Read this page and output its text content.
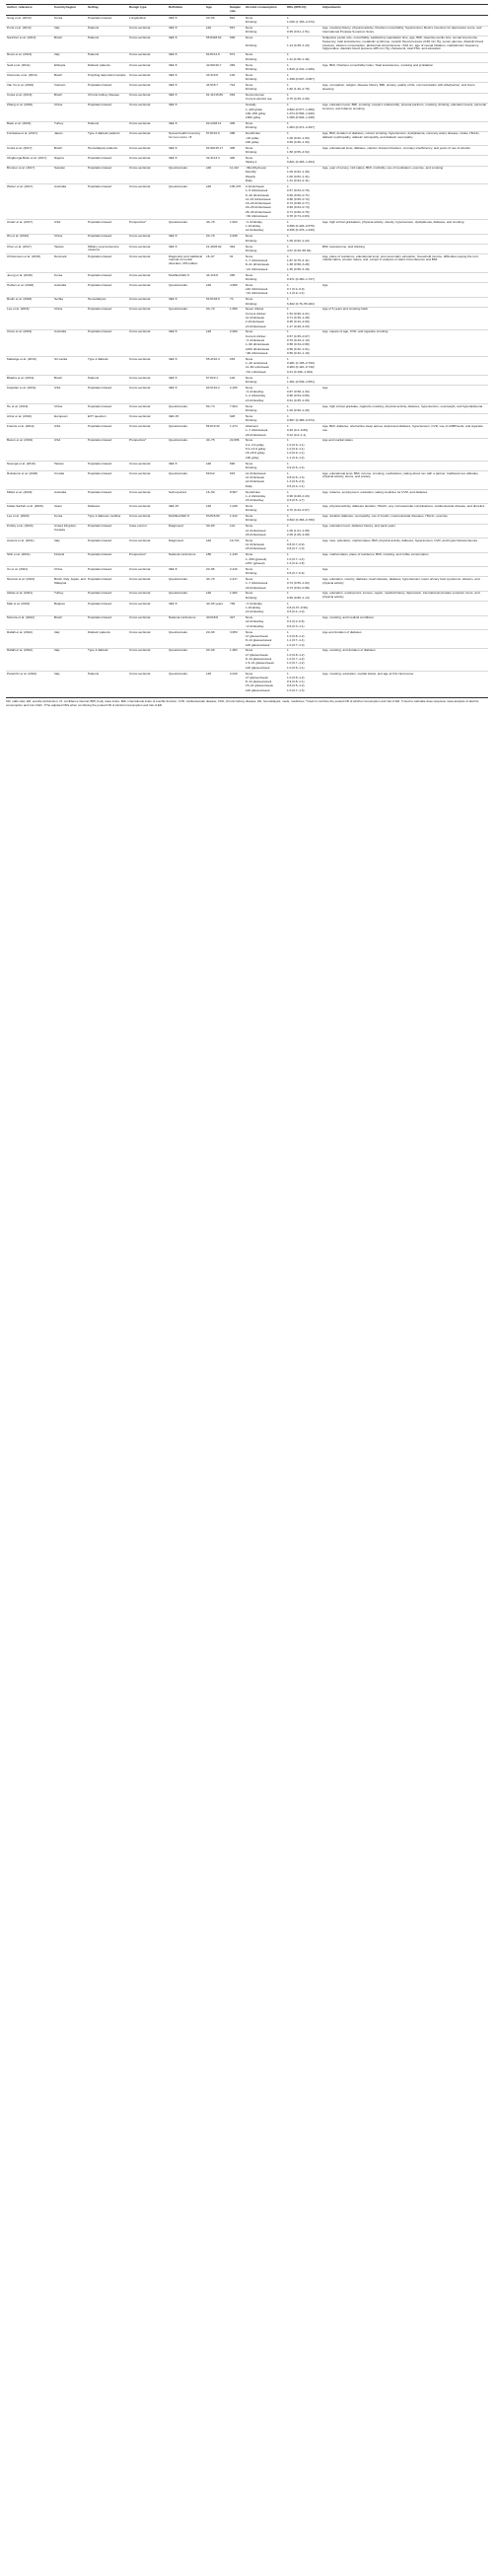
Author, reference	Country/region	Setting	Design type	Definition	Age	Sample size	Alcohol consumption	ORs (95% CI)	Adjustments
Song et al. (2013)	Korea	Population-based	Longitudinal	IIEF-5	20–69	891	None	1	
							Drinking	1.049 (1.153–2.372)	
Porst et al. (2013)	Italy	Patients	Cross-sectional	IIEF-5	≥40	567	None	1	Age, smoking history, physical activity, Charlson comorbidity, hypertension, Beck's inventory for depression score, and International Prostate Symptom Score
							Drinking	0.95 (0.61–1.51)	
Sanchez et al. (2013)	Brazil	Patients	Cross-sectional	IIEF-5	55.84±8.64	699	None	1	Subjective penile size, comorbidity, satisfactory ejaculation time, age, BMI, objective penile size, sexual intercourse frequency, total testosterone, metabolic syndrome, systolic blood pressure ≥130 mm Hg, serum glucose, diastolic blood pressure, tobacco consumption, abdominal circumference >102 cm, age of sexual initiation, marital/union frequency, triglycerides, diastolic blood pressure ≥85 mm Hg, cholesterol, total PSA, and education
							Drinking	1.14 (0.38–1.43)	
Rossi et al. (2013)	Italy	Patients	Cross-sectional	IIEF-5	54.8±12.9	572	None	1	
							Drinking	1.11 (0.38–1.49)	
Seid et al. (2014)	Ethiopia	Diabetic patients	Cross-sectional	IIEF-5	42.99±16.7	269	None	1	Age, BMI, Charlson comorbidity index, Total testosterone, smoking and prolidation
							Drinking	1.819 (1.241–1.930)	
Clemente et al. (2014)	Brazil	Polydrug dependent sample	Cross-sectional	IIEF-5	34.3±9.8	102	None	1	
							Drinking	1.198 (0.607–3.087)	
Van Vu et al. (2016)	Vietnam	Population-based	Cross-sectional	IIEF-5	44.5±8.7	744	None	1	Age, occupation, religion, disease history, BMI, anxiety, quality of life, communication with wife/partner, and hours sleeping
							Drinking	1.82 (1.20–2.76)	
Costa et al. (2016)	Brazil	Chronic kidney disease	Cross-sectional	IIEF-5	61.11±15.89	263	Nonconsumer	1	
							Current alcohol use	0.75 (0.35–1.60)	
Zhang et al. (2016)	China	Population-based	Cross-sectional	IIEF-5			Socially	1	Age, education level, BMI, smoking, couple's relationship, spousal partners, smoking, drinking, education levels, personal incomes, and tobacco smoking
							1–100 g/day	0.862 (0.577–1.289)	
							100–200 g/day	1.074 (0.594–1.940)	
							≥300 g/day	1.095 (0.904–1.198)	
Baek et al. (2016)	Turkey	Patients	Cross-sectional	IIEF-5	62.24±8.11	335	None	1	
							Drinking	1.084 (0.471–2.497)	
Furukawa et al. (2017)	Japan	Type 2 diabetic patients	Cross-sectional	Sexual health inventory for men score <8	57.8±10.0	288	Nondrinker	1	Age, BMI, duration of diabetes, current smoking, hypertension, dyslipidemia, coronary artery disease, stroke, HbA1c, diabetic nephropathy, diabetic retinopathy, and diabetic neuropathy
							<20 g/day	1.09 (0.62–1.93)	
							≥40 g/day	0.69 (0.36–1.32)	
Costa et al. (2017)	Brazil	Hemodialysis patients	Cross-sectional	IIEF-5	54.99±15.17	305	None	1	Age, educational level, diabetes, calcium channel blockers, coronary insufficiency, and years of use of alcohol
							Drinking	1.58 (0.55–4.52)	
Olugbenga-Bello et al. (2017)	Nigeria	Population-based	Cross-sectional	IIEF-5	32.4±13.4	400	None	1	
							Taking it	0.821 (0.493–1.294)	
Brunner et al. (2017)	Sweden	Population-based	Cross-sectional	Questionnaire	≥40	11,112	<Monthly/never	1	Age, year of survey, civil status, BMI, morbidity, use of medication, exercise, and smoking
							Monthly	1.09 (0.92–1.30)	
							Weekly	1.00 (0.82–1.41)	
							Daily	1.31 (0.94–2.11)	
Weber et al. (2017)	Australia	Population-based	Cross-sectional	Questionnaire	≥45	105,476	0 drinks/week	1	
							1–5 drinks/week	0.67 (0.64–0.70)	
							6–10 drinks/week	0.69 (0.66–0.71)	
							11–15 drinks/week	0.68 (0.65–0.72)	
							16–20 drinks/week	0.73 (0.68–0.77)	
							20–25 drinks/week	0.69 (0.64–0.74)	
							25–30 drinks/week	0.71 (0.66–0.76)	
							>30 drinks/week	0.78 (0.73–0.83)	
Arsaiz et al. (2017)	USA	Population-based	Prospective*	Questionnaire	40–79	1,623	<1 drink/day	1	Age, high school graduation, physical activity, obesity, hypertension, dyslipidemia, diabetes, and smoking
							1 drink/day	0.659 (0.403–0.875)	
							≥2 drinks/day	0.635 (0.476–1.240)	
Wu et al. (2016)	China	Population-based	Cross-sectional	IIEF-5	20–79	2,636	None	1	
							Drinking	1.06 (0.92–1.22)	
Chen et al. (2017)	Taiwan	Military reserve/service missions	Cross-sectional	IIEF-5	21.46±8.92	364	None	1	BMI, testosterone, and drinking
							Drinking	4.67 (0.39–55.92)	
Christensen et al. (2018)	Denmark	Population-based	Cross-sectional	Diagnostic and statistical manual of mental disorders, fifth edition	16–97	91	None	1	Age, place of residence, educational level, post-secondary education, household income, difficulties paying the rent, marital status, smoker status, and, except in analysis of waist circumference and BMI
							1–7 drinks/week	1.87 (0.75–4.11)	
							8–21 drinks/week	1.38 (0.58–3.28)	
							>21 drinks/week	1.35 (0.58–3.15)	
Jeong et al. (2018)	Korea	Population-based	Cross-sectional	Modified IIEF-5	44.1±6.8	265	None	1	
							Drinking	0.971 (0.460–1.727)	
Holden et al. (2018)	Australia	Population-based	Cross-sectional	Questionnaire	≥40	4,999	None	1	Age
							≤10 drinks/week	0.7 (0.4–0.9)	
							>10 drinks/week	1.1 (0.9–1.4)	
Redic et al. (2018)	Serbia	Hemodialysis	Cross-sectional	IIEF-5	54.51±8.9	73	None	1	
							Drinking	6.462 (0.76–55.182)	
Lee et al. (2018)	China	Population-based	Cross-sectional	Questionnaire	20–70	1,596	Never drinker	1	Age of 5 years and smoking habit
							Current drinker	1.54 (0.96–2.21)	
							≤1 drink/week	0.71 (0.36–1.28)	
							2 drinks/week	0.95 (0.42–2.09)	
							≥3 drinks/week	1.27 (0.28–4.03)	
Chew et al. (2019)	Australia	Population-based	Cross-sectional	IIEF-5	≥18	2,990	None	1	Age, square of age, CVD, and cigarette smoking
							Current drinker	0.57 (0.35–0.97)	
							<1 drink/week	0.70 (0.43–1.13)	
							1–90 drinks/week	0.58 (0.34–0.96)	
							≥150 drinks/week	0.56 (0.32–1.01)	
							>90 drinks/week	0.59 (0.32–1.10)	
Malavige et al. (2019)	Sri Lanka	Type 2 diabetic	Cross-sectional	IIEF-5	55.4±10.4	253	None	1	
							1–10 units/week	0.281 (0.105–0.760)	
							11–60 units/week	0.283 (0.110–0.740)	
							>61 units/week	0.41 (0.166–1.024)	
Bhadra et al. (2019)	Brazil	Patients	Cross-sectional	IIEF-5	57.8±9.1	102	None	1	
							Drinking	1.361 (0.539–4.551)	
Kapelian et al. (2019)	USA	Population-based	Cross-sectional	IIEF-5	64.5±10.2	2,165	None	1	Age
							<1 drinks/day	0.87 (0.58–1.32)	
							1–2 drinks/day	0.68 (0.54–0.86)	
							≥3 drinks/day	0.61 (0.35–1.06)	
He et al. (2019)	China	Population-based	Cross-sectional	Questionnaire	50–74	7,604	None	1	Age, high school graduate, cigarette smoking, physical activity, diabetes, hypertension, overweight, and hyperlipidemia
							Drinking	1.02 (0.90–1.20)	
Arbor et al. (2019)	European	EXT question	Cross-sectional	IIEF-15		648	None	1	
							Drinking	0.687 (0.486–0.972)	
Francis et al. (2019)	USA	Population-based	Cross-sectional	Questionnaire	56.6±9.32	1,274	Abstinent	1	Age, BMI, diabetes, obstructive sleep apnea, depressed diabetes, hypertension, CVD, use of AI/BPmeds, and cigarette use
							1–7 drinks/week	0.49 (0.3–0.89)	
							≥8 drinks/week	0.12 (0.2–1.1)	
Bacon et al. (2019)	USA	Population-based	Prospective*	Questionnaire	40–75	22,086	None	1	Age and marital status
							0.1–4.9 g/day	1.0 (0.9–1.1)	
							5.0–14.9 g/day	1.0 (0.9–1.1)	
							15–29.9 g/day	1.0 (0.9–1.1)	
							≥30 g/day	1.1 (0.9–1.2)	
Nwenga et al. (2019)	Taiwan	Population-based	Cross-sectional	IIEF-5	≥40	690	None	1	
							Drinking	0.9 (0.6–1.4)	
Roliskovic et al. (2020)	Croatia	Population-based	Cross-sectional	Questionnaire	54±12	615	≤1 drinks/week	1	Age, educational level, BMI, income, smoking, medications, taking about sex with a partner, traditional sex attitudes, physical activity, stress, and anxiety
							≤1 drink/week	0.8 (0.6–1.3)	
							≤2 drink/week	1.3 (0.8–2.0)	
							Daily	0.6 (0.4–1.1)	
Millett et al. (2020)	Australia	Population-based	Cross-sectional	Self-reported	16–59	8,567	Nondrinker	1	Age, tobacco, employment, education, taking medicine for CVD, and diabetes
							1–4 drinks/day	0.96 (0.28–0.43)	
							≥5 drinks/day	0.9 (0.5–1.7)	
Kabar-Sarbeh et al. (2020)	Israel	Diabetes	Cross-sectional	IIEF-15	≥18	1,040	None	1	Age, physical activity, diabetes duration, HbA1C, any microvascular complications, cardiovascular disease, and diuretics
							Drinking	0.70 (0.34–0.97)	
Lee et al. (2020)	Korea	Type 2 diabetes mellitus	Cross-sectional	Modified IIEF-5	53.8±6.60	1,312	None	1	Age, duration diabetes, neuropathy, use of insulin, macrovascular diseases, HbA1c, exercise
							Drinking	0.602 (0.366–0.780)	
Polsky et al. (2020)	United Kingdom, Canada	Population-based	Case-control	Diagnosed	30–80	101	None	1	Age, education level, diabetes history, and pack-years
							≤1 drinks/week	1.06 (1.01–1.08)	
							≥8 drinks/week	2.09 (1.06–4.08)	
Austoni et al. (2021)	Italy	Population-based	Cross-sectional	Diagnosed	≥40	16,724	None	1	Age, race, education, marital status, BMI, physical activity, diabetes, hypertension, CVD, and hypercholesterolemia
							≤1 drink/week	0.8 (0.7–0.9)	
							≥5 drinks/week	0.8 (0.7–1.0)	
Shiri et al. (2021)	Finland	Population-based	Prospective*	National conference	≥50	1,130	None	1	Age, marital status, place of residence, BMI, smoking, and coffee consumption
							1–150 (g/week)	1.0 (0.7–1.4)	
							≥151 (g/week)	1.3 (0.9–1.8)	
Xu et al. (2021)	China	Population-based	Cross-sectional	IIEF-5	20–86	2,216	None	1	Age
							Drinking	0.5 (0.7–0.9)	
Nicolosi et al. (2021)	Brazil, Italy, Japan, and Malaysia	Population-based	Cross-sectional	Questionnaire	40–70	2,417	None	1	Age, education, country, diabetes, heart disease, diabetes, hypertension, lower urinary tract symptoms, tobacco, and physical activity
							1–7 drinks/week	0.74 (0.55–1.02)	
							≥8 drinks/week	0.73 (0.52–0.98)	
Akbas et al. (2021)	Turkey	Population-based	Cross-sectional	Questionnaire	≥40	1,992	None	1	Age, education, employment, income, region, medical history, depression, international prostate symptom score, and physical activity
							Drinking	0.99 (0.86–1.14)	
Mak et al. (2022)	Belgium	Population-based	Cross-sectional	IIEF-5	40–69 years	799	<1 drink/day	1	
							1 drink/day	0.8 (0.37–0.96)	
							≥3 drinks/day	0.6 (0.4–1.0)	
Moreira et al. (2022)	Brazil	Population-based	Cross-sectional	National conference	40.6±8.8	327	None	1	Age, smoking, and medical conditions
							≤2 drinks/day	0.4 (0.2–0.8)	
							>2 drinks/day	0.6 (0.3–1.1)	
Rafalli et al. (2022)	Italy	Diabetic patients	Cross-sectional	Questionnaire	20–69	3,953	None	1	Age and duration of diabetes
							≤7 glasses/week	1.0 (0.8–1.2)	
							8–14 glasses/week	1.1 (0.7–1.1)	
							≥22 glasses/week	1.0 (0.7–1.3)	
Rafalli et al. (2022)	Italy	Type 2 diabetic	Cross-sectional	Questionnaire	20–69	1,383	None	1	Age, smoking, and duration of diabetes
							≤7 glasses/week	1.0 (0.8–1.2)	
							8–14 glasses/week	1.0 (0.7–1.2)	
							1.5–21 glasses/week	1.0 (0.7–1.2)	
							≥22 glasses/week	1.0 (0.6–1.1)	
Parazzini et al. (2022)	Italy	Patients	Cross-sectional	Questionnaire	≥18	2,010	None	1	Age, smoking, education, marital status, and age at first intercourse
							≤7 glasses/week	1.0 (0.8–1.2)	
							8–14 glasses/week	0.9 (0.8–1.1)	
							15–21 glasses/week	0.8 (0.5–1.2)	
							≥22 glasses/week	1.0 (0.7–1.3)	
OR, odds ratio; ED, erectile dysfunction; CI, confidence interval; BMI, body mass index; IIEF, international index of erectile function; CVD, cardiovascular disease; CKD, chronic kidney disease; HD, hemodialysis; meds, medicines. *Used to combine the pooled OR of alcohol consumption and risk of ED. †Used to calculate dose-response meta-analysis of alcohol consumption and risk of ED. ‡The adjusted ORs when combining the pooled OR of alcohol consumption and risk of ED.
